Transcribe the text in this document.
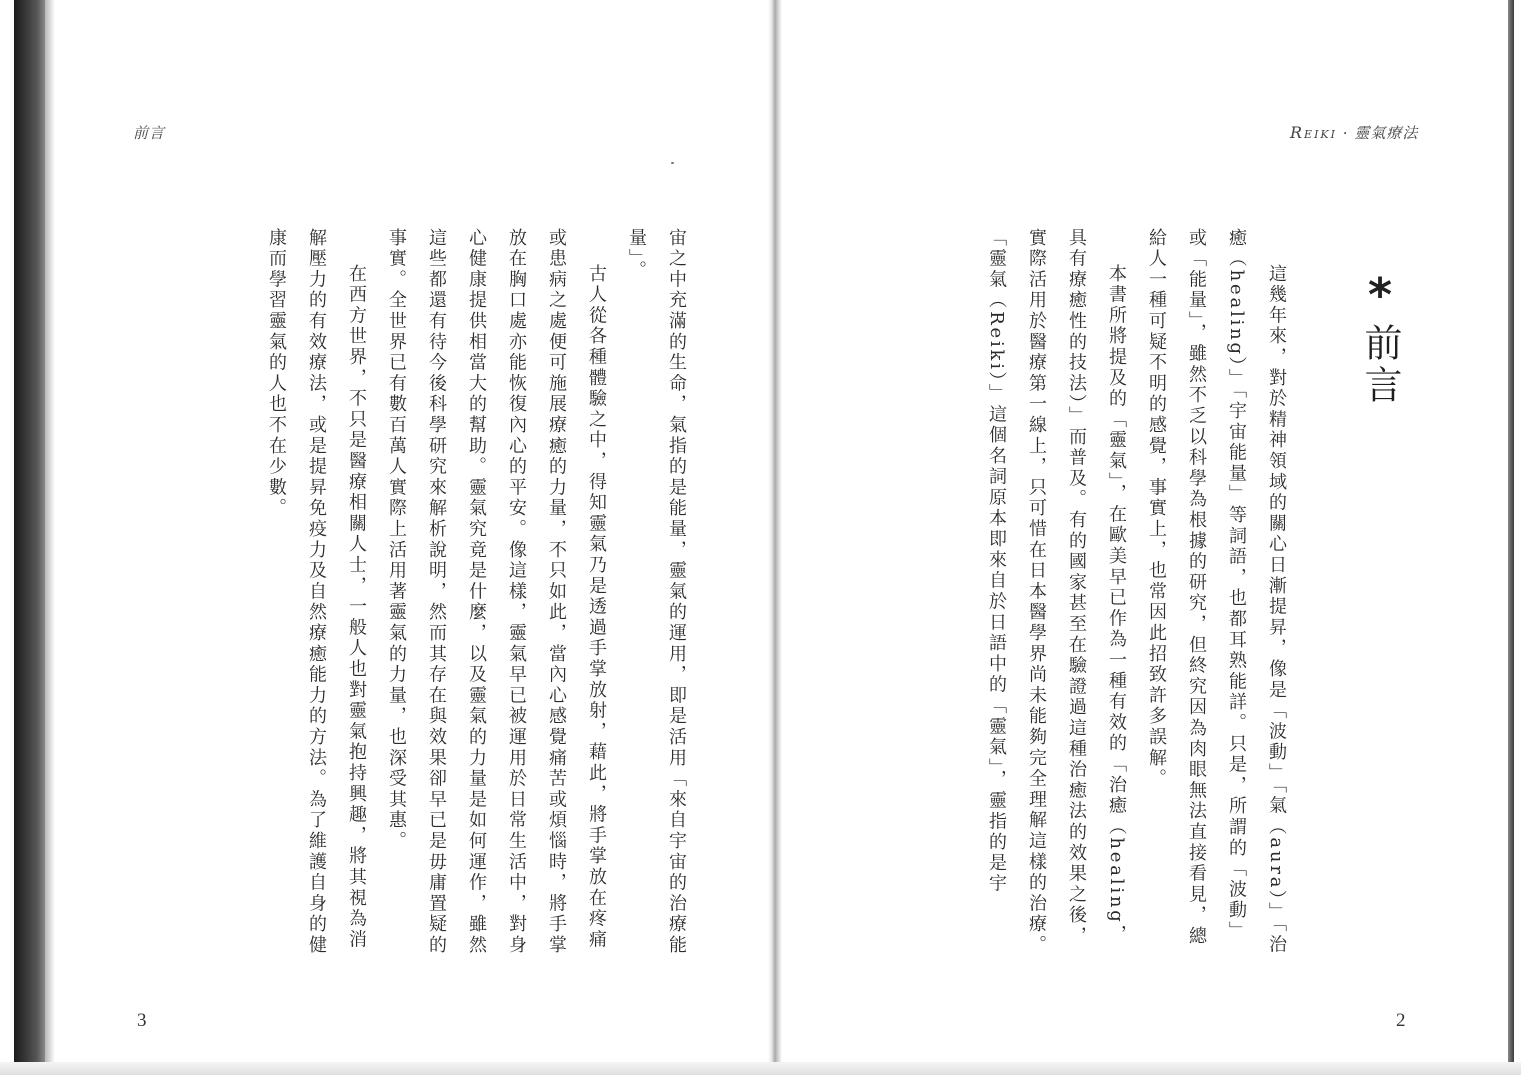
前言

宙之中充滿的生命，氣指的是能量，靈氣的運用，即是活用「來自宇宙的治療能量」。

古人從各種體驗之中，得知靈氣乃是透過手掌放射，藉此，將手掌放在疼痛或患病之處便可施展療癒的力量，不只如此，當內心感覺痛苦或煩惱時，將手掌放在胸口處亦能恢復內心的平安。像這樣，靈氣早已被運用於日常生活中，對身心健康提供相當大的幫助。靈氣究竟是什麼，以及靈氣的力量是如何運作，雖然這些都還有待今後科學研究來解析說明，然而其存在與效果卻早已是毋庸置疑的事實。全世界已有數百萬人實際上活用著靈氣的力量，也深受其惠。

在西方世界，不只是醫療相關人士，一般人也對靈氣抱持興趣，將其視為消解壓力的有效療法，或是提昇免疫力及自然療癒能力的方法。為了維護自身的健康而學習靈氣的人也不在少數。

3
Reiki · 靈氣療法
*
前言

這幾年來，對於精神領域的關心日漸提昇，像是「波動」「氣（aura）」「治癒（healing）」「宇宙能量」等詞語，也都耳熟能詳。只是，所謂的「波動」或「能量」，雖然不乏以科學為根據的研究，但終究因為肉眼無法直接看見，總給人一種可疑不明的感覺，事實上，也常因此招致許多誤解。

本書所將提及的「靈氣」，在歐美早已作為一種有效的「治癒（healing，具有療癒性的技法）」而普及。有的國家甚至在驗證過這種治癒法的效果之後，實際活用於醫療第一線上，只可惜在日本醫學界尚未能夠完全理解這樣的治療。

「靈氣（Reiki）」這個名詞原本即來自於日語中的「靈氣」，靈指的是宇

2
